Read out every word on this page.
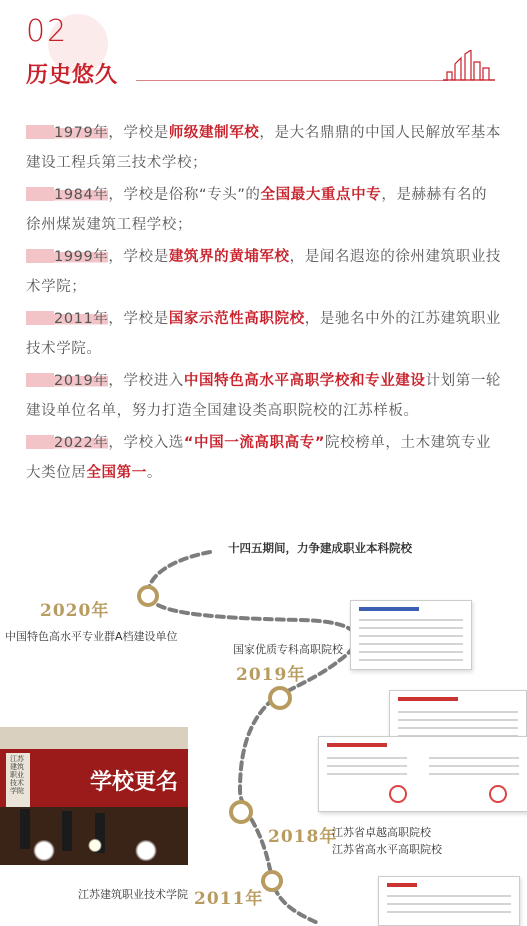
02
历史悠久
1979年，学校是师级建制军校，是大名鼎鼎的中国人民解放军基本建设工程兵第三技术学校；
1984年，学校是俗称“专头”的全国最大重点中专，是赫赫有名的徐州煤炭建筑工程学校；
1999年，学校是建筑界的黄埔军校，是闻名遐迩的徐州建筑职业技术学院；
2011年，学校是国家示范性高职院校，是驰名中外的江苏建筑职业技术学院。
2019年，学校进入中国特色高水平高职学校和专业建设计划第一轮建设单位名单，努力打造全国建设类高职院校的江苏样板。
2022年，学校入选“中国一流高职高专”院校榜单，土木建筑专业大类位居全国第一。
十四五期间，力争建成职业本科院校
2020年
中国特色高水平专业群A档建设单位
国家优质专科高职院校
2019年
2018年
江苏省卓越高职院校
江苏省高水平高职院校
江苏建筑职业技术学院 2011年
江苏建筑职业技术学院	学校更名
